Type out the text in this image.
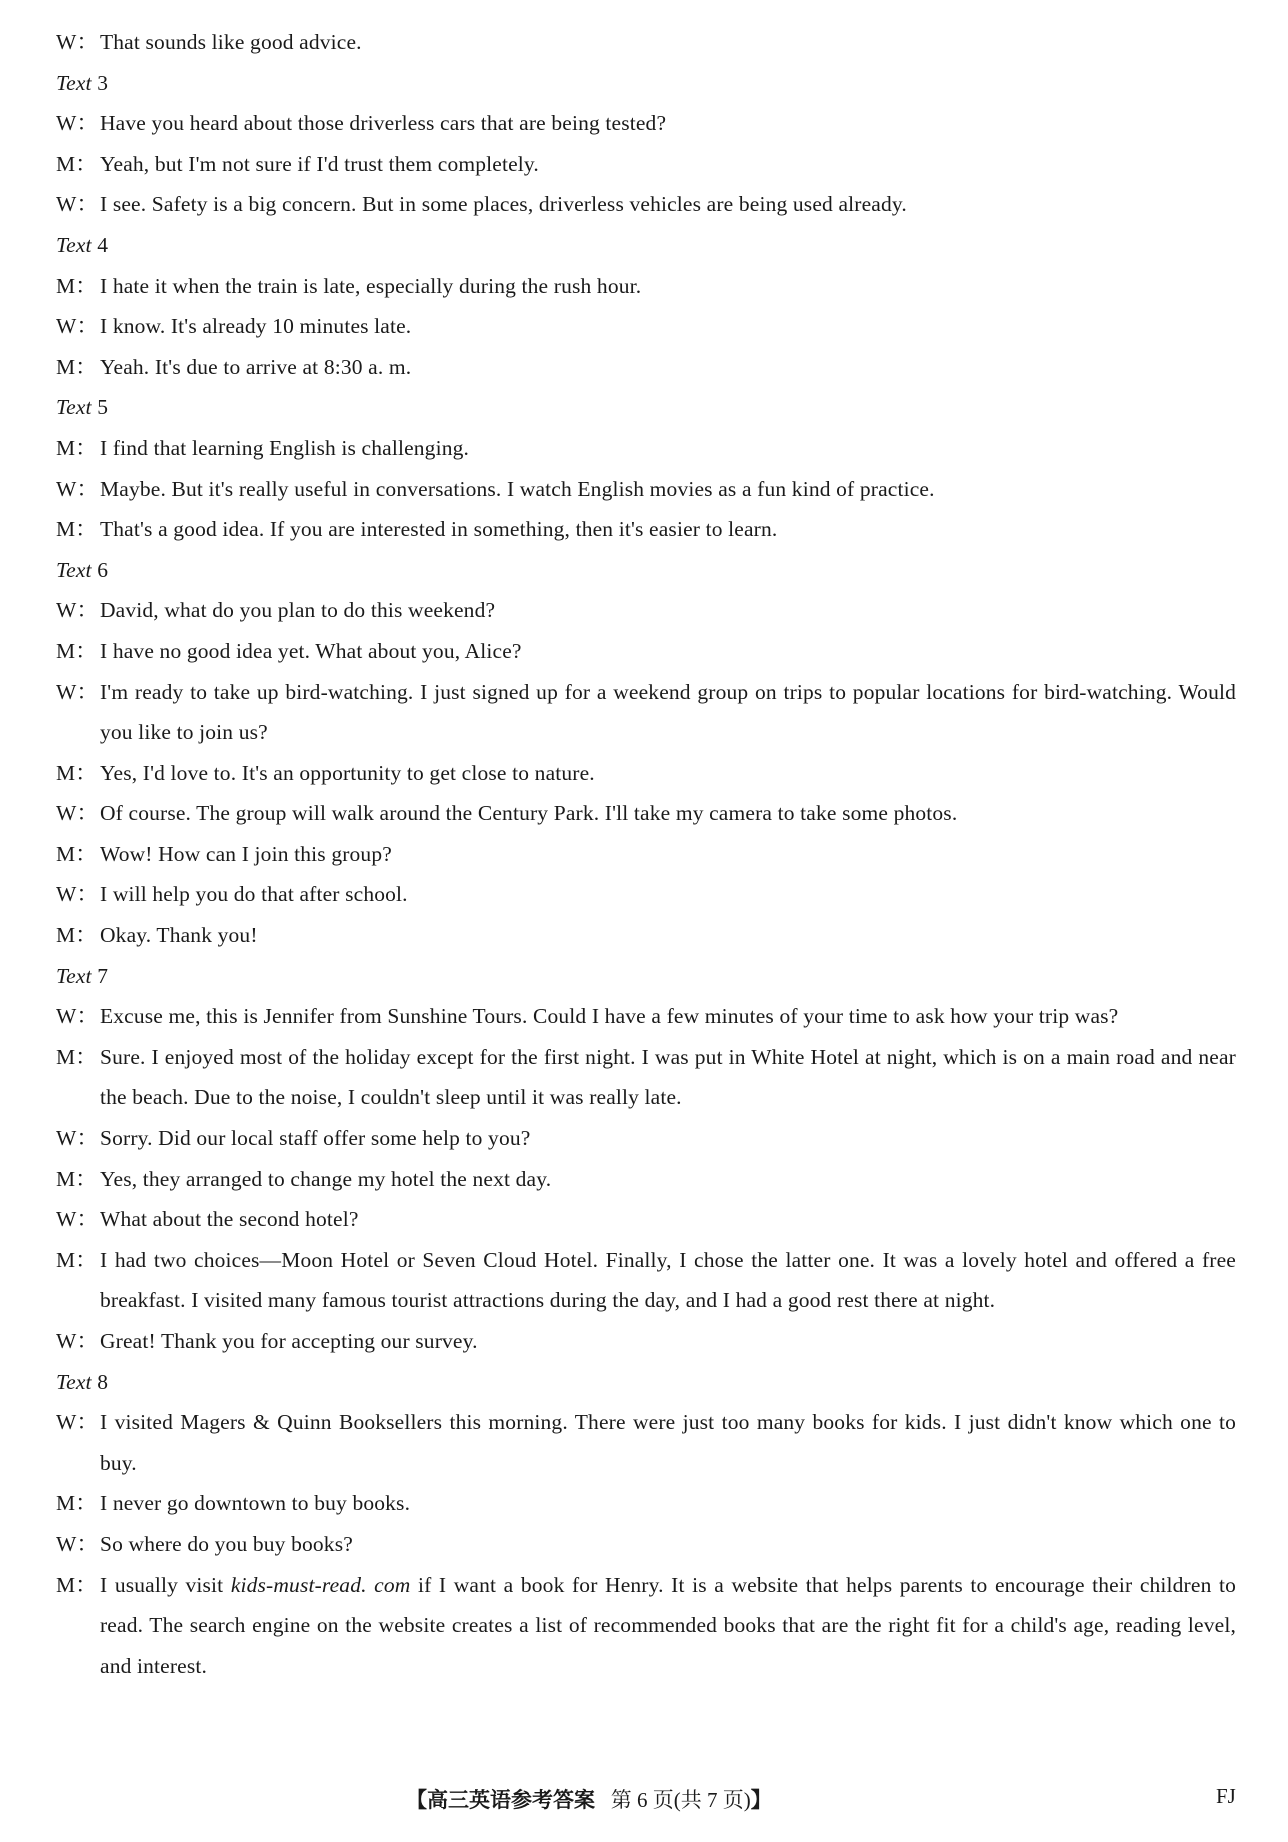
W： That sounds like good advice.
Text 3
W： Have you heard about those driverless cars that are being tested?
M： Yeah, but I'm not sure if I'd trust them completely.
W： I see. Safety is a big concern. But in some places, driverless vehicles are being used already.
Text 4
M： I hate it when the train is late, especially during the rush hour.
W： I know. It's already 10 minutes late.
M： Yeah. It's due to arrive at 8:30 a. m.
Text 5
M： I find that learning English is challenging.
W： Maybe. But it's really useful in conversations. I watch English movies as a fun kind of practice.
M： That's a good idea. If you are interested in something, then it's easier to learn.
Text 6
W： David, what do you plan to do this weekend?
M： I have no good idea yet. What about you, Alice?
W： I'm ready to take up bird-watching. I just signed up for a weekend group on trips to popular locations for bird-watching. Would you like to join us?
M： Yes, I'd love to. It's an opportunity to get close to nature.
W： Of course. The group will walk around the Century Park. I'll take my camera to take some photos.
M： Wow! How can I join this group?
W： I will help you do that after school.
M： Okay. Thank you!
Text 7
W： Excuse me, this is Jennifer from Sunshine Tours. Could I have a few minutes of your time to ask how your trip was?
M： Sure. I enjoyed most of the holiday except for the first night. I was put in White Hotel at night, which is on a main road and near the beach. Due to the noise, I couldn't sleep until it was really late.
W： Sorry. Did our local staff offer some help to you?
M： Yes, they arranged to change my hotel the next day.
W： What about the second hotel?
M： I had two choices—Moon Hotel or Seven Cloud Hotel. Finally, I chose the latter one. It was a lovely hotel and offered a free breakfast. I visited many famous tourist attractions during the day, and I had a good rest there at night.
W： Great! Thank you for accepting our survey.
Text 8
W： I visited Magers & Quinn Booksellers this morning. There were just too many books for kids. I just didn't know which one to buy.
M： I never go downtown to buy books.
W： So where do you buy books?
M： I usually visit kids-must-read. com if I want a book for Henry. It is a website that helps parents to encourage their children to read. The search engine on the website creates a list of recommended books that are the right fit for a child's age, reading level, and interest.
【高三英语参考答案 第 6 页(共 7 页)】	FJ
